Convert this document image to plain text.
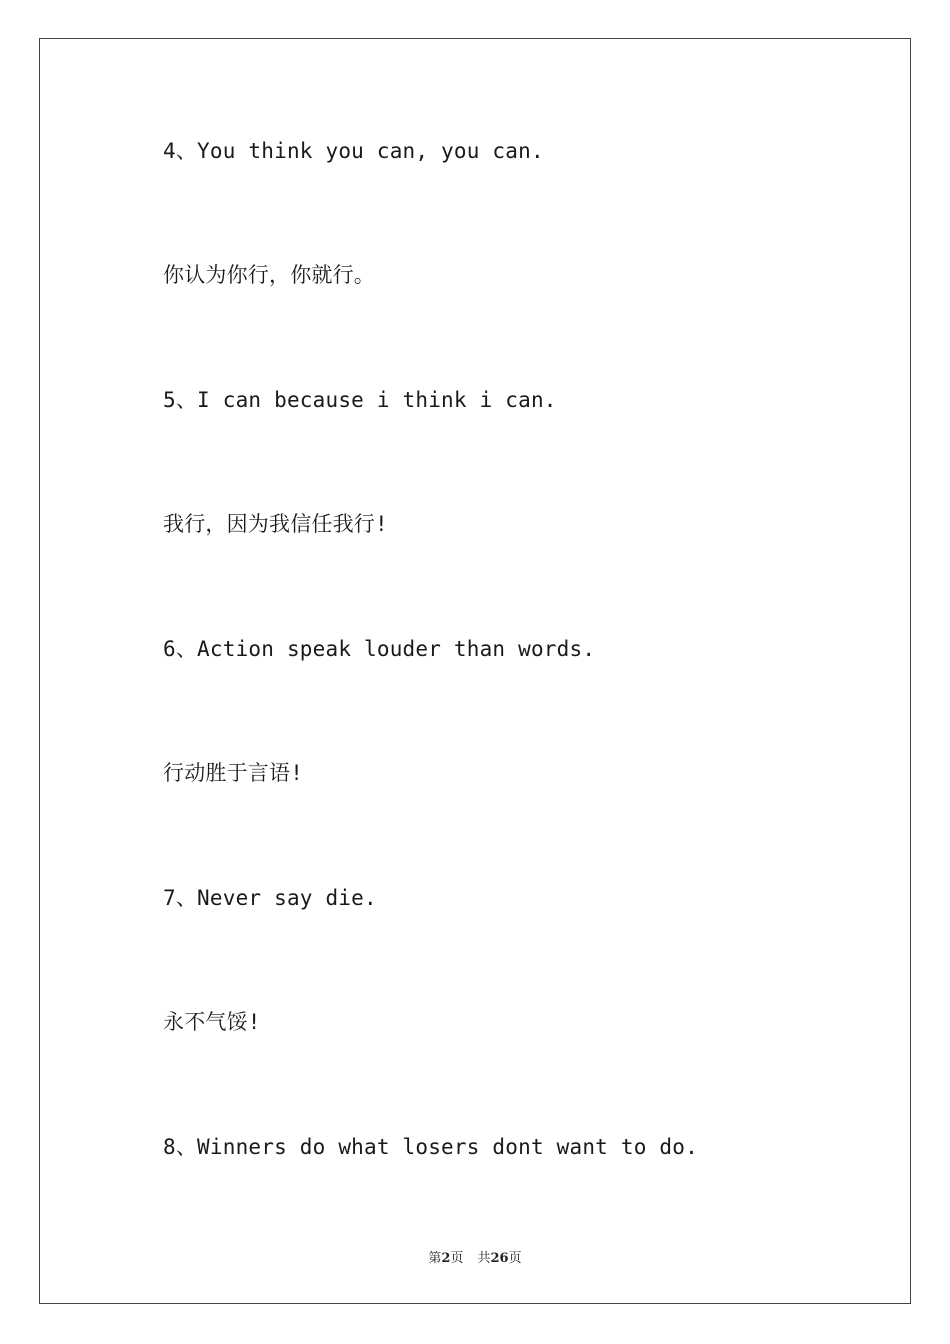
4、You think you can, you can.
你认为你行，你就行。
5、I can because i think i can.
我行，因为我信任我行!
6、Action speak louder than words.
行动胜于言语!
7、Never say die.
永不气馁!
8、Winners do what losers dont want to do.
第2页 共26页
